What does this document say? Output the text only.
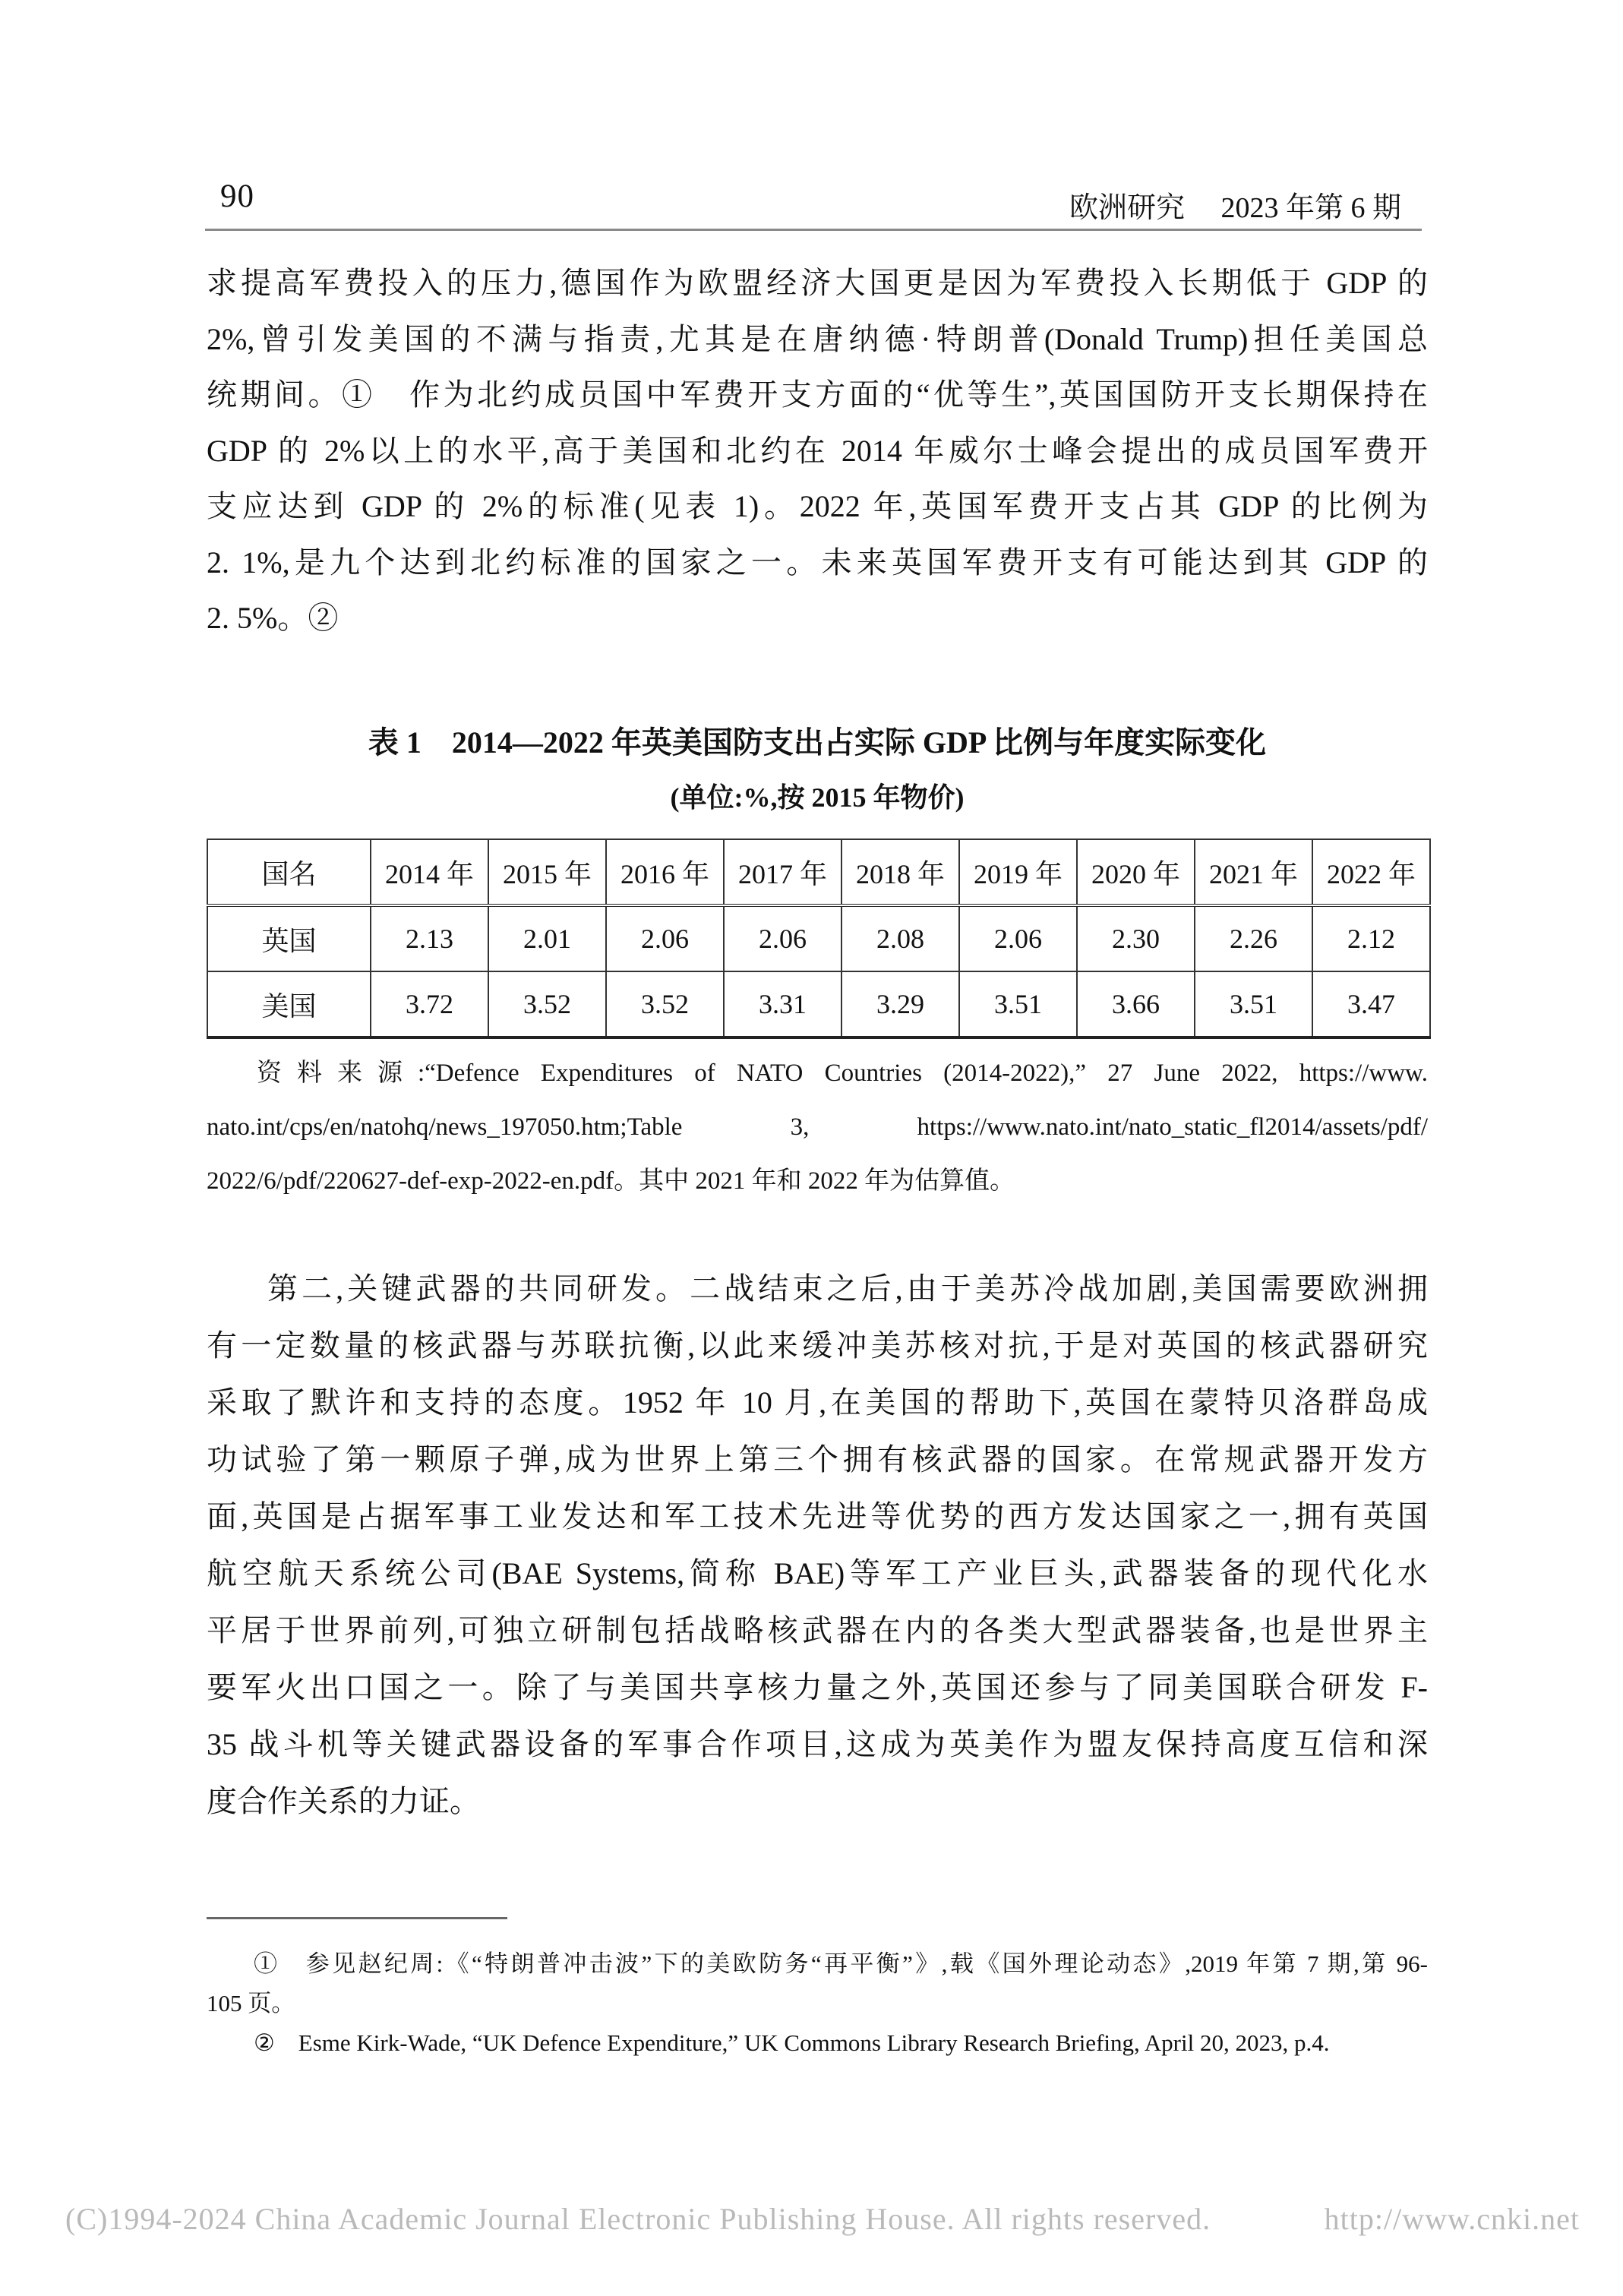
90	欧洲研究　 2023 年第 6 期
求提高军费投入的压力,德国作为欧盟经济大国更是因为军费投入长期低于 GDP 的
2%,曾引发美国的不满与指责,尤其是在唐纳德·特朗普(Donald Trump)担任美国总
统期间。①　作为北约成员国中军费开支方面的“优等生”,英国国防开支长期保持在
GDP 的 2%以上的水平,高于美国和北约在 2014 年威尔士峰会提出的成员国军费开
支应达到 GDP 的 2%的标准(见表 1)。2022 年,英国军费开支占其 GDP 的比例为
2. 1%,是九个达到北约标准的国家之一。未来英国军费开支有可能达到其 GDP 的
2. 5%。②
表 1　2014—2022 年英美国防支出占实际 GDP 比例与年度实际变化
(单位:%,按 2015 年物价)
国名	2014 年	2015 年	2016 年	2017 年	2018 年	2019 年	2020 年	2021 年	2022 年
英国	2.13	2.01	2.06	2.06	2.08	2.06	2.30	2.26	2.12
美国	3.72	3.52	3.52	3.31	3.29	3.51	3.66	3.51	3.47
资料来源:“Defence Expenditures of NATO Countries (2014-2022),” 27 June 2022, https://www.
nato.int/cps/en/natohq/news_197050.htm;Table 3, https://www.nato.int/nato_static_fl2014/assets/pdf/
2022/6/pdf/220627-def-exp-2022-en.pdf。其中 2021 年和 2022 年为估算值。
第二,关键武器的共同研发。二战结束之后,由于美苏冷战加剧,美国需要欧洲拥
有一定数量的核武器与苏联抗衡,以此来缓冲美苏核对抗,于是对英国的核武器研究
采取了默许和支持的态度。1952 年 10 月,在美国的帮助下,英国在蒙特贝洛群岛成
功试验了第一颗原子弹,成为世界上第三个拥有核武器的国家。在常规武器开发方
面,英国是占据军事工业发达和军工技术先进等优势的西方发达国家之一,拥有英国
航空航天系统公司(BAE Systems,简称 BAE)等军工产业巨头,武器装备的现代化水
平居于世界前列,可独立研制包括战略核武器在内的各类大型武器装备,也是世界主
要军火出口国之一。除了与美国共享核力量之外,英国还参与了同美国联合研发 F-
35 战斗机等关键武器设备的军事合作项目,这成为英美作为盟友保持高度互信和深
度合作关系的力证。
①　参见赵纪周:《“特朗普冲击波”下的美欧防务“再平衡”》,载《国外理论动态》,2019 年第 7 期,第 96-
105 页。
②　Esme Kirk-Wade, “UK Defence Expenditure,” UK Commons Library Research Briefing, April 20, 2023, p.4.
(C)1994-2024 China Academic Journal Electronic Publishing House. All rights reserved.	http://www.cnki.net
